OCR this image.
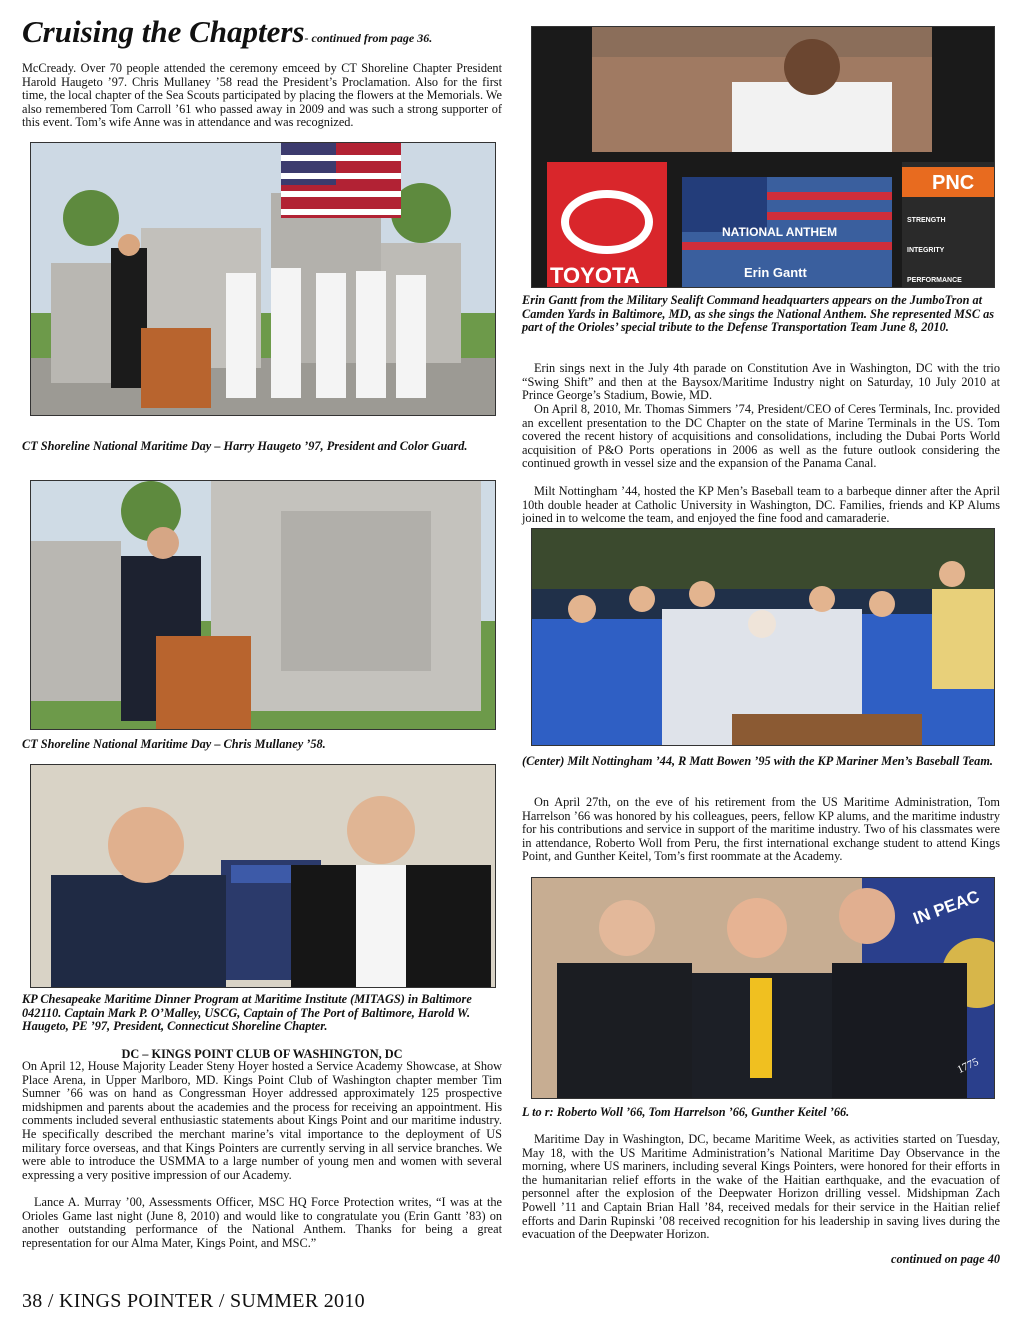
Cruising the Chapters- continued from page 36.

McCready. Over 70 people attended the ceremony emceed by CT Shoreline Chapter President Harold Haugeto ’97. Chris Mullaney ’58 read the President’s Proclamation. Also for the first time, the local chapter of the Sea Scouts participated by placing the flowers at the Memorials. We also remembered Tom Carroll ’61 who passed away in 2009 and was such a strong supporter of this event. Tom’s wife Anne was in attendance and was recognized.

CT Shoreline National Maritime Day – Harry Haugeto ’97, President and Color Guard.

CT Shoreline National Maritime Day – Chris Mullaney ’58.

KP Chesapeake Maritime Dinner Program at Maritime Institute (MITAGS) in Baltimore 042110. Captain Mark P. O’Malley, USCG, Captain of The Port of Baltimore, Harold W. Haugeto, PE ’97, President, Connecticut Shoreline Chapter.

DC – KINGS POINT CLUB OF WASHINGTON, DC

On April 12, House Majority Leader Steny Hoyer hosted a Service Academy Showcase, at Show Place Arena, in Upper Marlboro, MD. Kings Point Club of Washington chapter member Tim Sumner ’66 was on hand as Congressman Hoyer addressed approximately 125 prospective midshipmen and parents about the academies and the process for receiving an appointment. His comments included several enthusiastic statements about Kings Point and our maritime industry. He specifically described the merchant marine’s vital importance to the deployment of US military force overseas, and that Kings Pointers are currently serving in all service branches. We were able to introduce the USMMA to a large number of young men and women with several expressing a very positive impression of our Academy.

Lance A. Murray ’00, Assessments Officer, MSC HQ Force Protection writes, “I was at the Orioles Game last night (June 8, 2010) and would like to congratulate you (Erin Gantt ’83) on another outstanding performance of the National Anthem. Thanks for being a great representation for our Alma Mater, Kings Point, and MSC.”

TOYOTA
NATIONAL ANTHEM
Erin Gantt
PNC
STRENGTH
INTEGRITY
PERFORMANCE

Erin Gantt from the Military Sealift Command headquarters appears on the JumboTron at Camden Yards in Baltimore, MD, as she sings the National Anthem. She represented MSC as part of the Orioles’ special tribute to the Defense Transportation Team June 8, 2010.

Erin sings next in the July 4th parade on Constitution Ave in Washington, DC with the trio “Swing Shift” and then at the Baysox/Maritime Industry night on Saturday, 10 July 2010 at Prince George’s Stadium, Bowie, MD.

On April 8, 2010, Mr. Thomas Simmers ’74, President/CEO of Ceres Terminals, Inc. provided an excellent presentation to the DC Chapter on the state of Marine Terminals in the US. Tom covered the recent history of acquisitions and consolidations, including the Dubai Ports World acquisition of P&O Ports operations in 2006 as well as the future outlook considering the continued growth in vessel size and the expansion of the Panama Canal.

Milt Nottingham ’44, hosted the KP Men’s Baseball team to a barbeque dinner after the April 10th double header at Catholic University in Washington, DC. Families, friends and KP Alums joined in to welcome the team, and enjoyed the fine food and camaraderie.

(Center) Milt Nottingham ’44, R Matt Bowen ’95 with the KP Mariner Men’s Baseball Team.

On April 27th, on the eve of his retirement from the US Maritime Administration, Tom Harrelson ’66 was honored by his colleagues, peers, fellow KP alums, and the maritime industry for his contributions and service in support of the maritime industry. Two of his classmates were in attendance, Roberto Woll from Peru, the first international exchange student to attend Kings Point, and Gunther Keitel, Tom’s first roommate at the Academy.

IN PEAC
1775

L to r: Roberto Woll ’66, Tom Harrelson ’66, Gunther Keitel ’66.

Maritime Day in Washington, DC, became Maritime Week, as activities started on Tuesday, May 18, with the US Maritime Administration’s National Maritime Day Observance in the morning, where US mariners, including several Kings Pointers, were honored for their efforts in the humanitarian relief efforts in the wake of the Haitian earthquake, and the evacuation of personnel after the explosion of the Deepwater Horizon drilling vessel. Midshipman Zach Powell ’11 and Captain Brian Hall ’84, received medals for their service in the Haitian relief efforts and Darin Rupinski ’08 received recognition for his leadership in saving lives during the evacuation of the Deepwater Horizon.

continued on page 40
38 / KINGS POINTER / SUMMER 2010
